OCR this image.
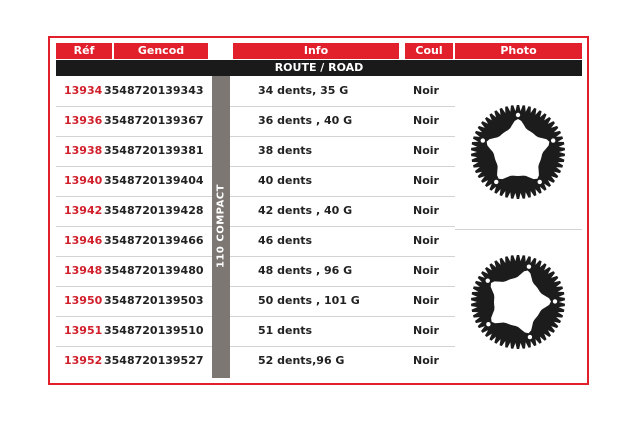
Réf	Gencod	Info	Coul	Photo
ROUTE / ROAD
13934 3548720139343	34 dents, 35 G	Noir
13936 3548720139367	36 dents , 40 G	Noir
13938 3548720139381	38 dents	Noir
13940 3548720139404	40 dents	Noir
13942 3548720139428	42 dents , 40 G	Noir
13946 3548720139466	46 dents	Noir
13948 3548720139480	48 dents , 96 G	Noir
13950 3548720139503	50 dents , 101 G	Noir
13951 3548720139510	51 dents	Noir
13952 3548720139527	52 dents,96 G	Noir
110 COMPACT
